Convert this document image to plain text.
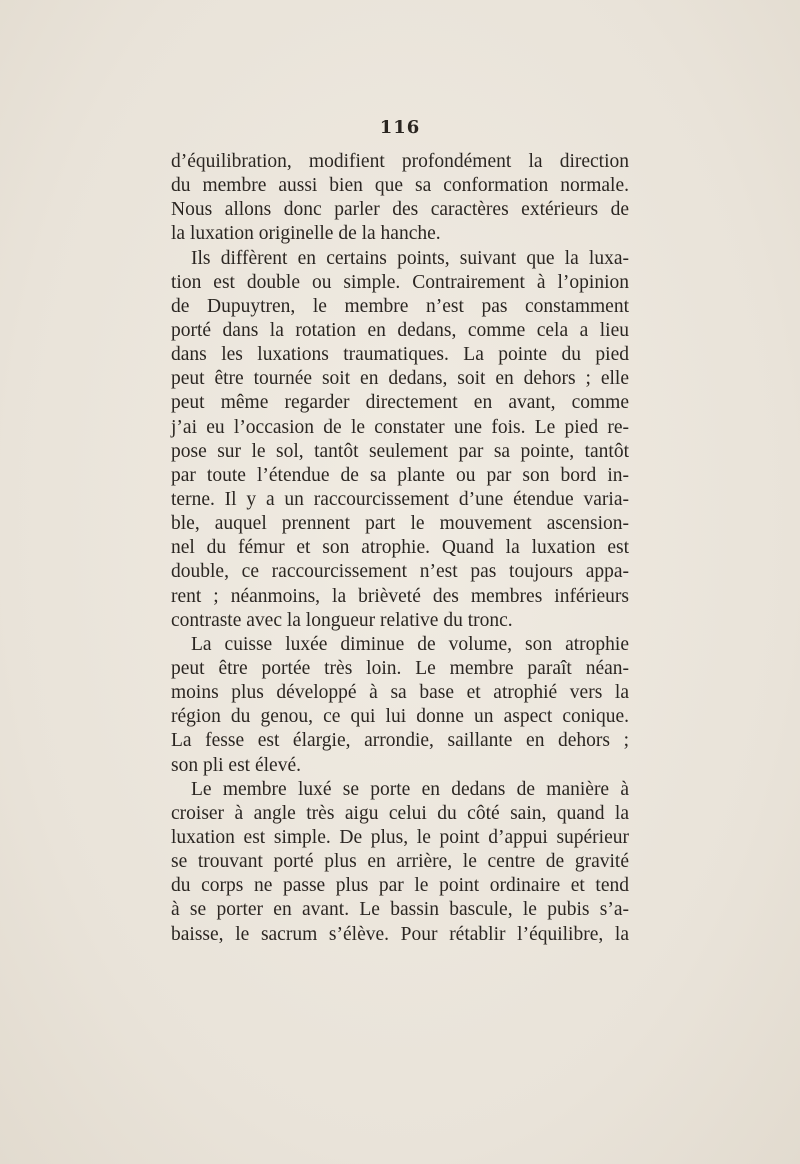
116
d’équilibration, modifient profondément la direction
du membre aussi bien que sa conformation normale.
Nous allons donc parler des caractères extérieurs de
la luxation originelle de la hanche.
Ils diffèrent en certains points, suivant que la luxa-
tion est double ou simple. Contrairement à l’opinion
de Dupuytren, le membre n’est pas constamment
porté dans la rotation en dedans, comme cela a lieu
dans les luxations traumatiques. La pointe du pied
peut être tournée soit en dedans, soit en dehors ; elle
peut même regarder directement en avant, comme
j’ai eu l’occasion de le constater une fois. Le pied re-
pose sur le sol, tantôt seulement par sa pointe, tantôt
par toute l’étendue de sa plante ou par son bord in-
terne. Il y a un raccourcissement d’une étendue varia-
ble, auquel prennent part le mouvement ascension-
nel du fémur et son atrophie. Quand la luxation est
double, ce raccourcissement n’est pas toujours appa-
rent ; néanmoins, la brièveté des membres inférieurs
contraste avec la longueur relative du tronc.
La cuisse luxée diminue de volume, son atrophie
peut être portée très loin. Le membre paraît néan-
moins plus développé à sa base et atrophié vers la
région du genou, ce qui lui donne un aspect conique.
La fesse est élargie, arrondie, saillante en dehors ;
son pli est élevé.
Le membre luxé se porte en dedans de manière à
croiser à angle très aigu celui du côté sain, quand la
luxation est simple. De plus, le point d’appui supérieur
se trouvant porté plus en arrière, le centre de gravité
du corps ne passe plus par le point ordinaire et tend
à se porter en avant. Le bassin bascule, le pubis s’a-
baisse, le sacrum s’élève. Pour rétablir l’équilibre, la
